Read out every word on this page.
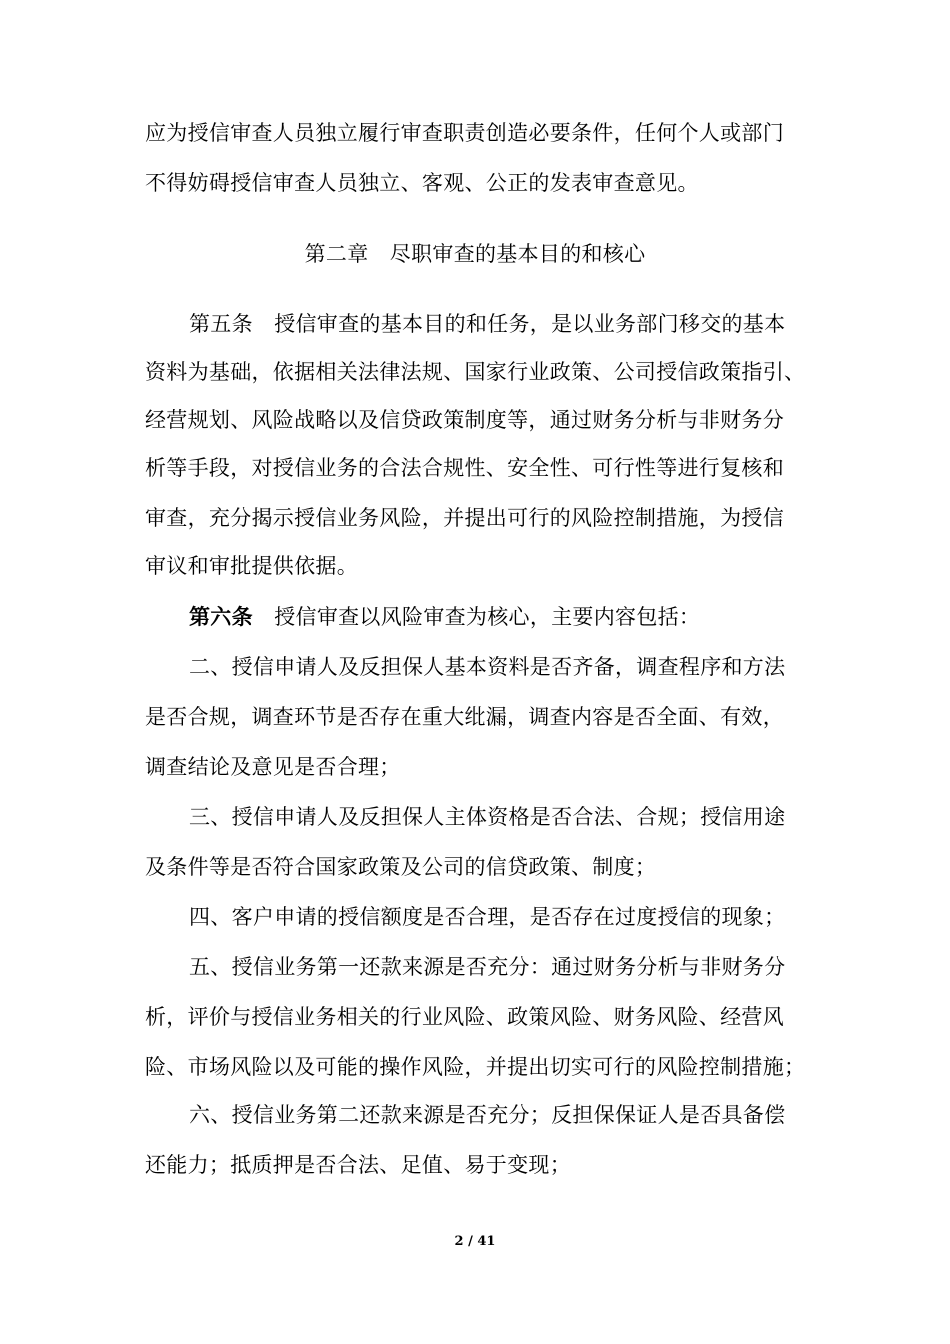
应为授信审查人员独立履行审查职责创造必要条件，任何个人或部门
不得妨碍授信审查人员独立、客观、公正的发表审查意见。
第二章　尽职审查的基本目的和核心
第五条　授信审查的基本目的和任务，是以业务部门移交的基本
资料为基础，依据相关法律法规、国家行业政策、公司授信政策指引、
经营规划、风险战略以及信贷政策制度等，通过财务分析与非财务分
析等手段，对授信业务的合法合规性、安全性、可行性等进行复核和
审查，充分揭示授信业务风险，并提出可行的风险控制措施，为授信
审议和审批提供依据。
第六条　 授信审查以风险审查为核心，主要内容包括：
二、授信申请人及反担保人基本资料是否齐备，调查程序和方法
是否合规，调查环节是否存在重大纰漏，调查内容是否全面、有效，
调查结论及意见是否合理；
三、授信申请人及反担保人主体资格是否合法、合规；授信用途
及条件等是否符合国家政策及公司的信贷政策、制度；
四、客户申请的授信额度是否合理，是否存在过度授信的现象；
五、授信业务第一还款来源是否充分：通过财务分析与非财务分
析，评价与授信业务相关的行业风险、政策风险、财务风险、经营风
险、市场风险以及可能的操作风险，并提出切实可行的风险控制措施；
六、授信业务第二还款来源是否充分；反担保保证人是否具备偿
还能力；抵质押是否合法、足值、易于变现；
2 / 41
